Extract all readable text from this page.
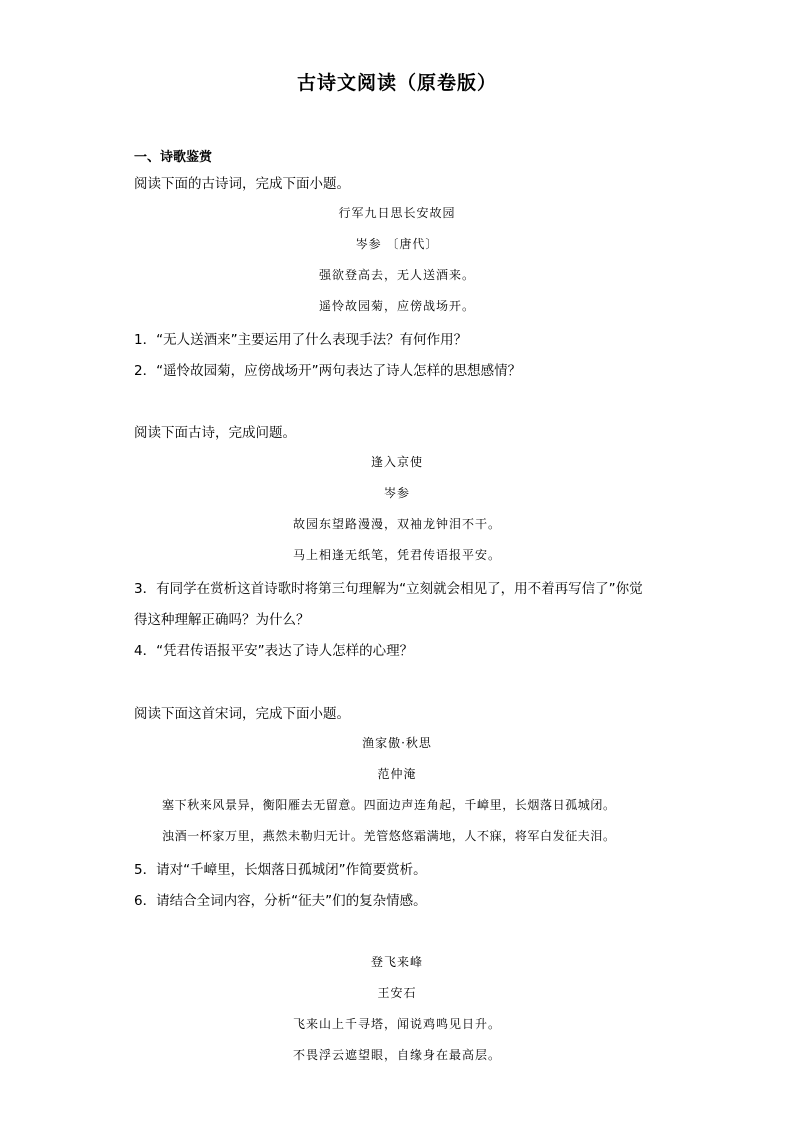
古诗文阅读（原卷版）
一、诗歌鉴赏
阅读下面的古诗词，完成下面小题。
行军九日思长安故园
岑参 〔唐代〕
强欲登高去，无人送酒来。
遥怜故园菊，应傍战场开。
1．“无人送酒来”主要运用了什么表现手法？有何作用？
2．“遥怜故园菊，应傍战场开”两句表达了诗人怎样的思想感情？
阅读下面古诗，完成问题。
逢入京使
岑参
故园东望路漫漫，双袖龙钟泪不干。
马上相逢无纸笔，凭君传语报平安。
3．有同学在赏析这首诗歌时将第三句理解为“立刻就会相见了，用不着再写信了”你觉
得这种理解正确吗？为什么？
4．“凭君传语报平安”表达了诗人怎样的心理？
阅读下面这首宋词，完成下面小题。
渔家傲·秋思
范仲淹
塞下秋来风景异，衡阳雁去无留意。四面边声连角起，千嶂里，长烟落日孤城闭。
浊酒一杯家万里，燕然未勒归无计。羌管悠悠霜满地，人不寐，将军白发征夫泪。
5．请对“千嶂里，长烟落日孤城闭”作简要赏析。
6．请结合全词内容，分析“征夫”们的复杂情感。
登飞来峰
王安石
飞来山上千寻塔，闻说鸡鸣见日升。
不畏浮云遮望眼，自缘身在最高层。
